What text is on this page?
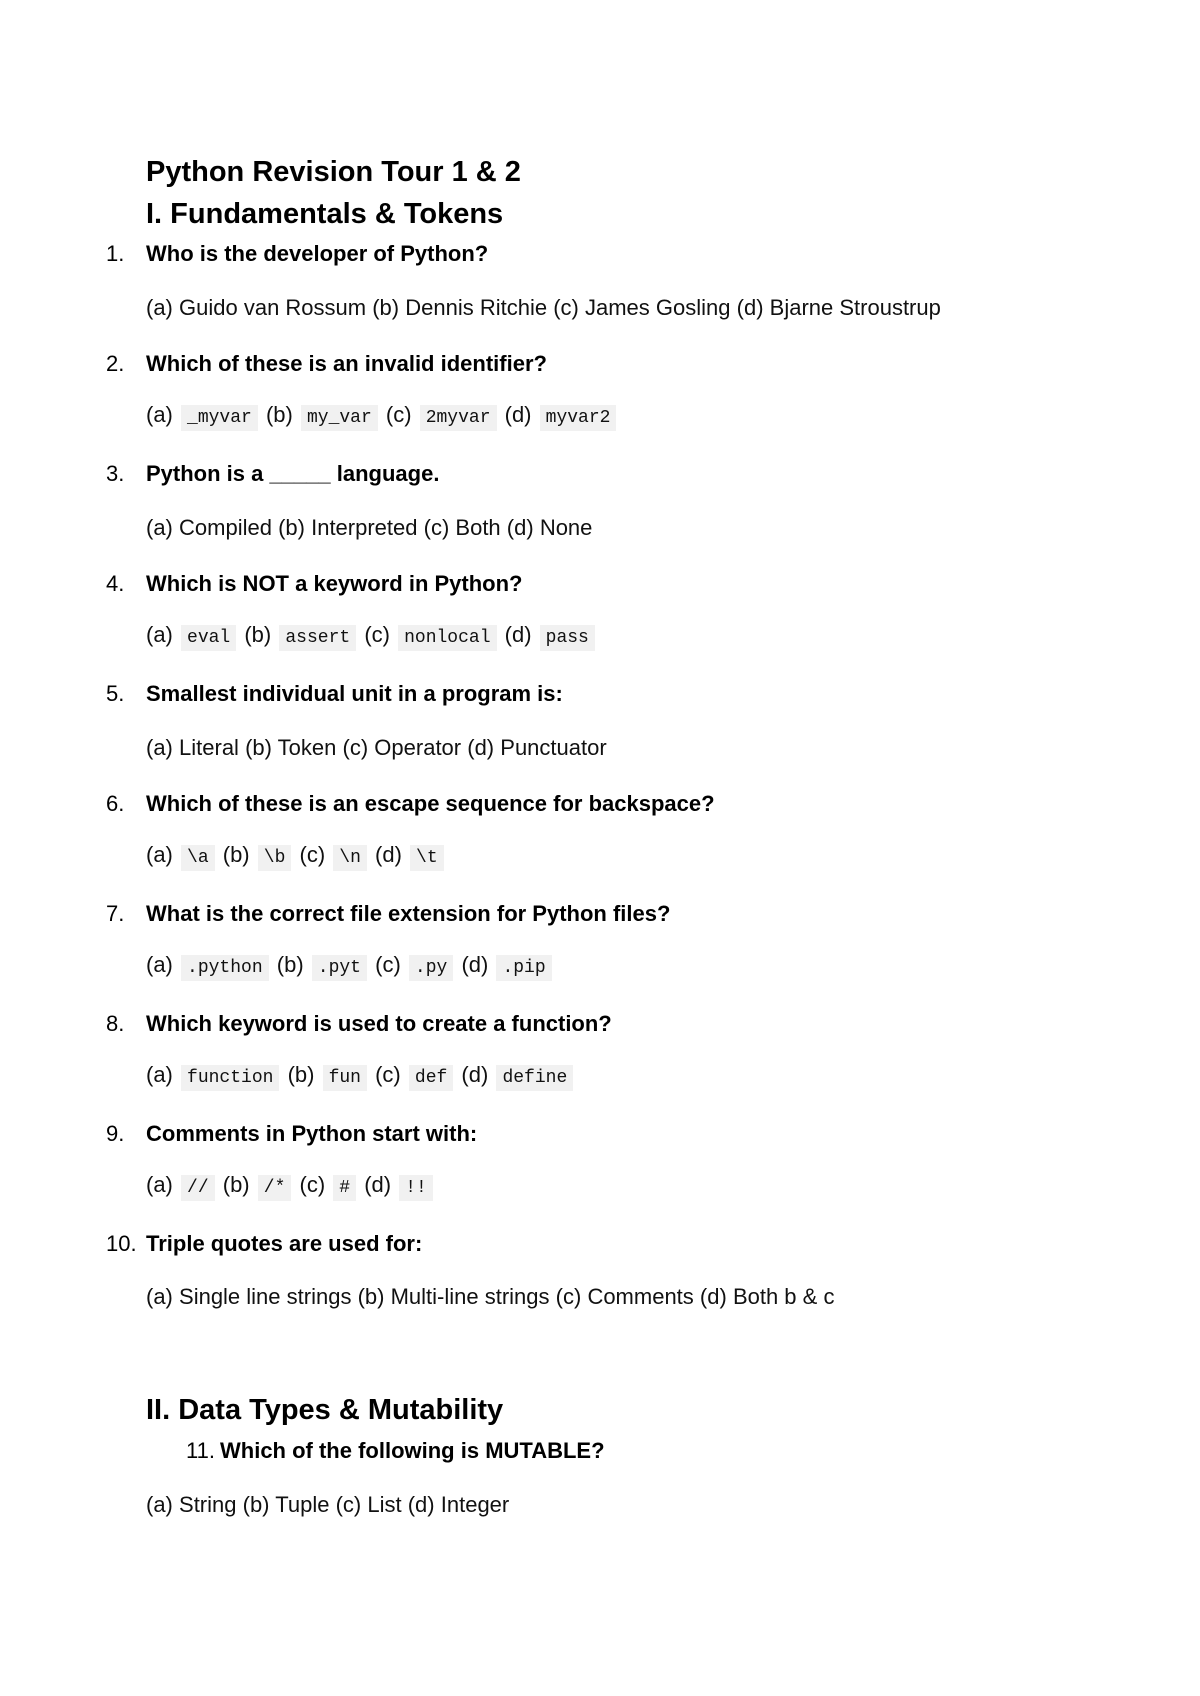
Python Revision Tour 1 & 2
I. Fundamentals & Tokens
1. Who is the developer of Python?
(a) Guido van Rossum (b) Dennis Ritchie (c) James Gosling (d) Bjarne Stroustrup
2. Which of these is an invalid identifier?
(a) _myvar (b) my_var (c) 2myvar (d) myvar2
3. Python is a _____ language.
(a) Compiled (b) Interpreted (c) Both (d) None
4. Which is NOT a keyword in Python?
(a) eval (b) assert (c) nonlocal (d) pass
5. Smallest individual unit in a program is:
(a) Literal (b) Token (c) Operator (d) Punctuator
6. Which of these is an escape sequence for backspace?
(a) \a (b) \b (c) \n (d) \t
7. What is the correct file extension for Python files?
(a) .python (b) .pyt (c) .py (d) .pip
8. Which keyword is used to create a function?
(a) function (b) fun (c) def (d) define
9. Comments in Python start with:
(a) // (b) /* (c) # (d) !!
10. Triple quotes are used for:
(a) Single line strings (b) Multi-line strings (c) Comments (d) Both b & c
II. Data Types & Mutability
11. Which of the following is MUTABLE?
(a) String (b) Tuple (c) List (d) Integer
